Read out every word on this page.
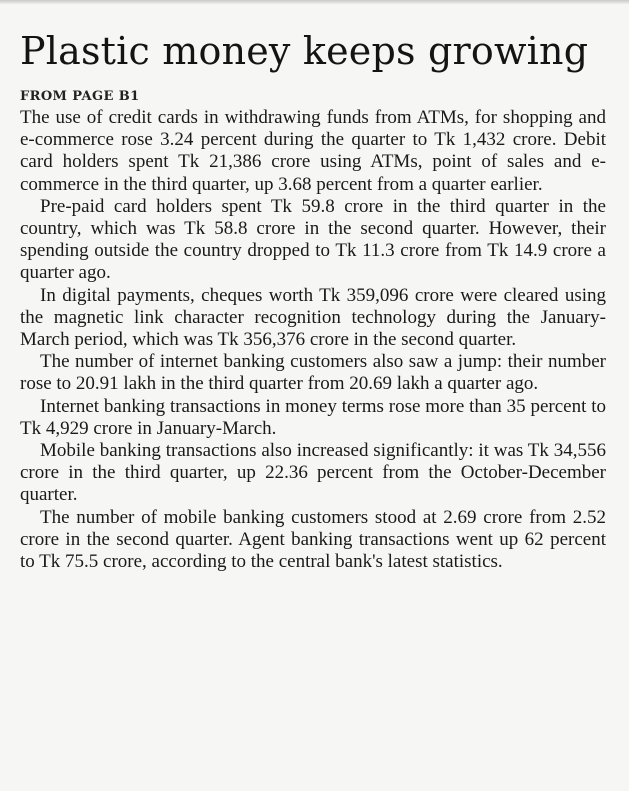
Plastic money keeps growing
FROM PAGE B1

The use of credit cards in withdrawing funds from ATMs, for shopping and e-commerce rose 3.24 percent during the quarter to Tk 1,432 crore. Debit card holders spent Tk 21,386 crore using ATMs, point of sales and e-commerce in the third quarter, up 3.68 percent from a quarter earlier.

Pre-paid card holders spent Tk 59.8 crore in the third quarter in the country, which was Tk 58.8 crore in the second quarter. However, their spending outside the country dropped to Tk 11.3 crore from Tk 14.9 crore a quarter ago.

In digital payments, cheques worth Tk 359,096 crore were cleared using the magnetic link character recognition technology during the January-March period, which was Tk 356,376 crore in the second quarter.

The number of internet banking customers also saw a jump: their number rose to 20.91 lakh in the third quarter from 20.69 lakh a quarter ago.

Internet banking transactions in money terms rose more than 35 percent to Tk 4,929 crore in January-March.

Mobile banking transactions also increased significantly: it was Tk 34,556 crore in the third quarter, up 22.36 percent from the October-December quarter.

The number of mobile banking customers stood at 2.69 crore from 2.52 crore in the second quarter. Agent banking transactions went up 62 percent to Tk 75.5 crore, according to the central bank's latest statistics.
